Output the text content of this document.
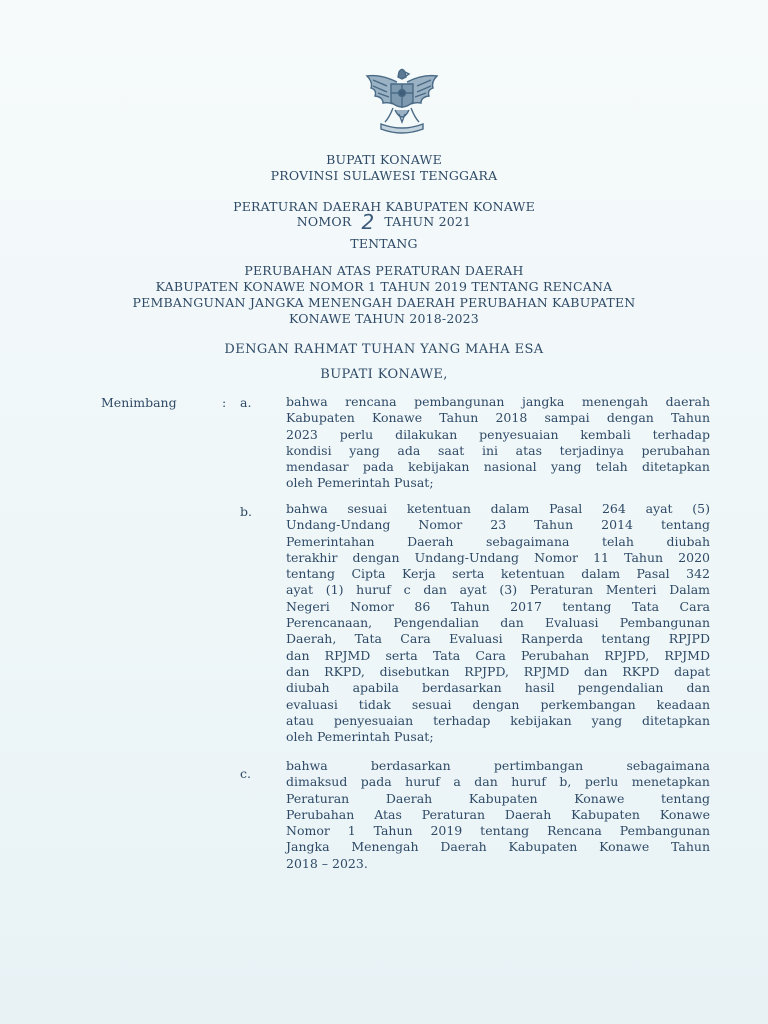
BUPATI KONAWE
PROVINSI SULAWESI TENGGARA
PERATURAN DAERAH KABUPATEN KONAWE
NOMOR 2 TAHUN 2021
TENTANG
PERUBAHAN ATAS PERATURAN DAERAH
KABUPATEN KONAWE NOMOR 1 TAHUN 2019 TENTANG RENCANA
PEMBANGUNAN JANGKA MENENGAH DAERAH PERUBAHAN KABUPATEN
KONAWE TAHUN 2018-2023
DENGAN RAHMAT TUHAN YANG MAHA ESA
BUPATI KONAWE,
Menimbang	: a.	bahwa rencana pembangunan jangka menengah daerah
Kabupaten Konawe Tahun 2018 sampai dengan Tahun
2023 perlu dilakukan penyesuaian kembali terhadap
kondisi yang ada saat ini atas terjadinya perubahan
mendasar pada kebijakan nasional yang telah ditetapkan
oleh Pemerintah Pusat;
b.	bahwa sesuai ketentuan dalam Pasal 264 ayat (5)
Undang-Undang Nomor 23 Tahun 2014 tentang
Pemerintahan Daerah sebagaimana telah diubah
terakhir dengan Undang-Undang Nomor 11 Tahun 2020
tentang Cipta Kerja serta ketentuan dalam Pasal 342
ayat (1) huruf c dan ayat (3) Peraturan Menteri Dalam
Negeri Nomor 86 Tahun 2017 tentang Tata Cara
Perencanaan, Pengendalian dan Evaluasi Pembangunan
Daerah, Tata Cara Evaluasi Ranperda tentang RPJPD
dan RPJMD serta Tata Cara Perubahan RPJPD, RPJMD
dan RKPD, disebutkan RPJPD, RPJMD dan RKPD dapat
diubah apabila berdasarkan hasil pengendalian dan
evaluasi tidak sesuai dengan perkembangan keadaan
atau penyesuaian terhadap kebijakan yang ditetapkan
oleh Pemerintah Pusat;
c.
bahwa berdasarkan pertimbangan sebagaimana
dimaksud pada huruf a dan huruf b, perlu menetapkan
Peraturan Daerah Kabupaten Konawe tentang
Perubahan Atas Peraturan Daerah Kabupaten Konawe
Nomor 1 Tahun 2019 tentang Rencana Pembangunan
Jangka Menengah Daerah Kabupaten Konawe Tahun
2018 – 2023.
